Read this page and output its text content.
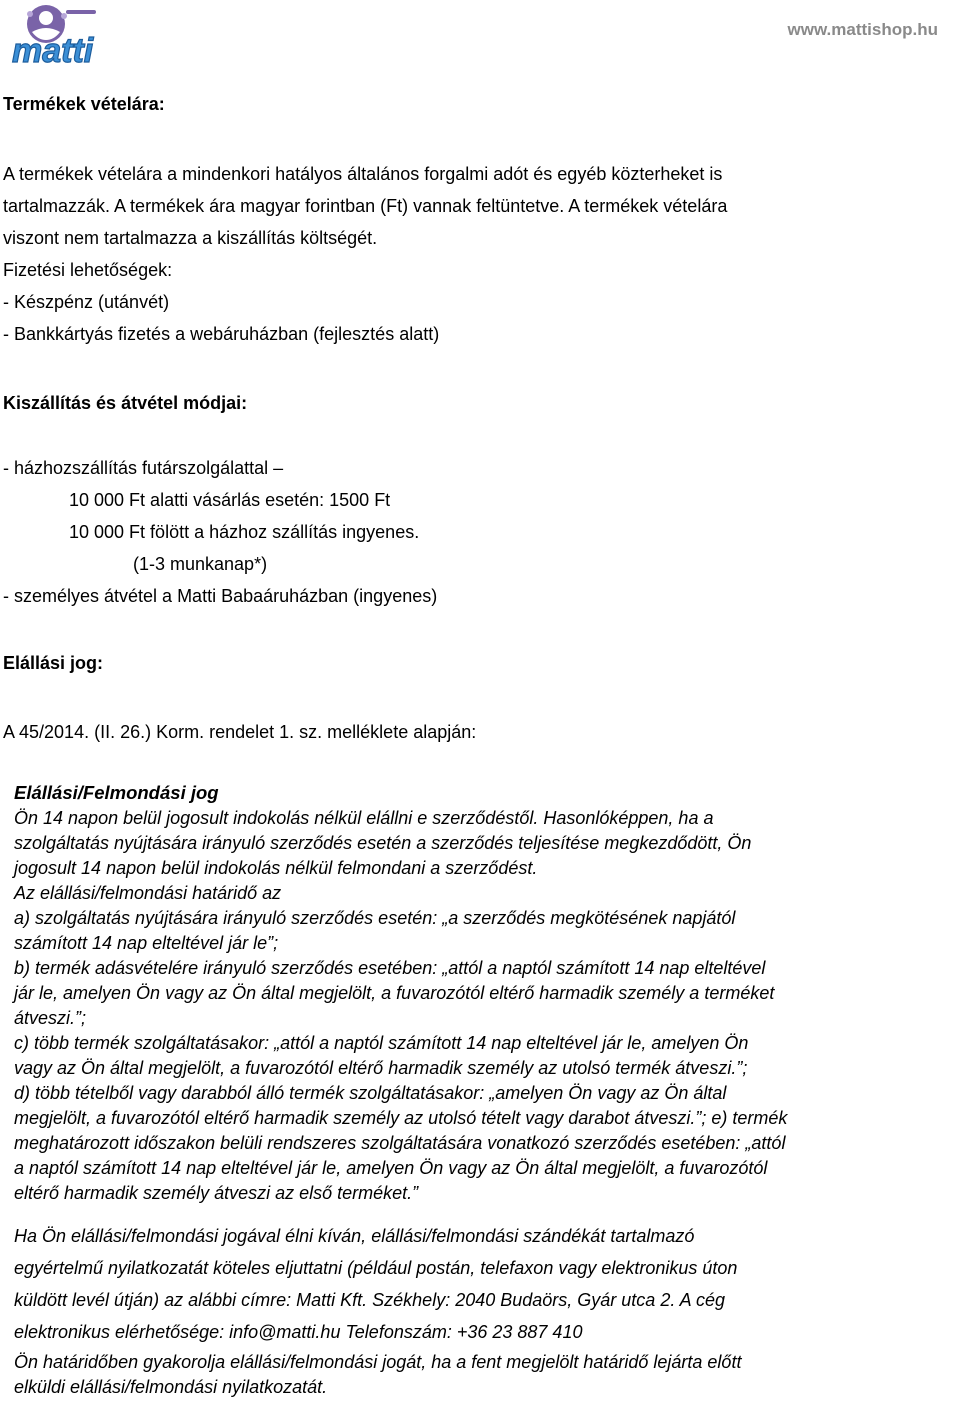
matti
www.mattishop.hu
Termékek vételára:
A termékek vételára a mindenkori hatályos általános forgalmi adót és egyéb közterheket is
tartalmazzák. A termékek ára magyar forintban (Ft) vannak feltüntetve. A termékek vételára
viszont nem tartalmazza a kiszállítás költségét.
Fizetési lehetőségek:
- Készpénz (utánvét)
- Bankkártyás fizetés a webáruházban (fejlesztés alatt)
Kiszállítás és átvétel módjai:
- házhozszállítás futárszolgálattal –
10 000 Ft alatti vásárlás esetén: 1500 Ft
10 000 Ft fölött a házhoz szállítás ingyenes.
(1-3 munkanap*)
- személyes átvétel a Matti Babaáruházban (ingyenes)
Elállási jog:
A 45/2014. (II. 26.) Korm. rendelet 1. sz. melléklete alapján:
Elállási/Felmondási jog
Ön 14 napon belül jogosult indokolás nélkül elállni e szerződéstől. Hasonlóképpen, ha a
szolgáltatás nyújtására irányuló szerződés esetén a szerződés teljesítése megkezdődött, Ön
jogosult 14 napon belül indokolás nélkül felmondani a szerződést.
Az elállási/felmondási határidő az
a) szolgáltatás nyújtására irányuló szerződés esetén: „a szerződés megkötésének napjától
számított 14 nap elteltével jár le”;
b) termék adásvételére irányuló szerződés esetében: „attól a naptól számított 14 nap elteltével
jár le, amelyen Ön vagy az Ön által megjelölt, a fuvarozótól eltérő harmadik személy a terméket
átveszi.”;
c) több termék szolgáltatásakor: „attól a naptól számított 14 nap elteltével jár le, amelyen Ön
vagy az Ön által megjelölt, a fuvarozótól eltérő harmadik személy az utolsó termék átveszi.”;
d) több tételből vagy darabból álló termék szolgáltatásakor: „amelyen Ön vagy az Ön által
megjelölt, a fuvarozótól eltérő harmadik személy az utolsó tételt vagy darabot átveszi.”; e) termék
meghatározott időszakon belüli rendszeres szolgáltatására vonatkozó szerződés esetében: „attól
a naptól számított 14 nap elteltével jár le, amelyen Ön vagy az Ön által megjelölt, a fuvarozótól
eltérő harmadik személy átveszi az első terméket.”
Ha Ön elállási/felmondási jogával élni kíván, elállási/felmondási szándékát tartalmazó
egyértelmű nyilatkozatát köteles eljuttatni (például postán, telefaxon vagy elektronikus úton
küldött levél útján) az alábbi címre: Matti Kft. Székhely: 2040 Budaörs, Gyár utca 2. A cég
elektronikus elérhetősége: info@matti.hu Telefonszám: +36 23 887 410
Ön határidőben gyakorolja elállási/felmondási jogát, ha a fent megjelölt határidő lejárta előtt
elküldi elállási/felmondási nyilatkozatát.
